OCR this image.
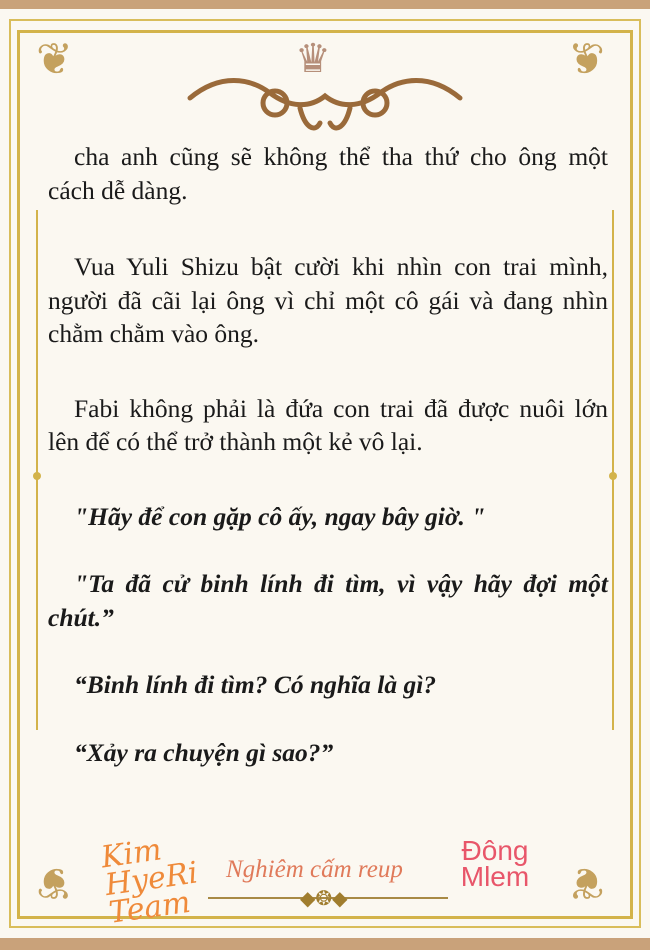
❦	❦
❦	❦
♛

cha anh cũng sẽ không thể tha thứ cho ông một cách dễ dàng.

Vua Yuli Shizu bật cười khi nhìn con trai mình, người đã cãi lại ông vì chỉ một cô gái và đang nhìn chằm chằm vào ông.

Fabi không phải là đứa con trai đã được nuôi lớn lên để có thể trở thành một kẻ vô lại.

"Hãy để con gặp cô ấy, ngay bây giờ. "

"Ta đã cử binh lính đi tìm, vì vậy hãy đợi một chút.”

“Binh lính đi tìm? Có nghĩa là gì?

“Xảy ra chuyện gì sao?”

Kim HyeRi Team
Nghiêm cấm reup
◆❂◆
Đông Mlem
